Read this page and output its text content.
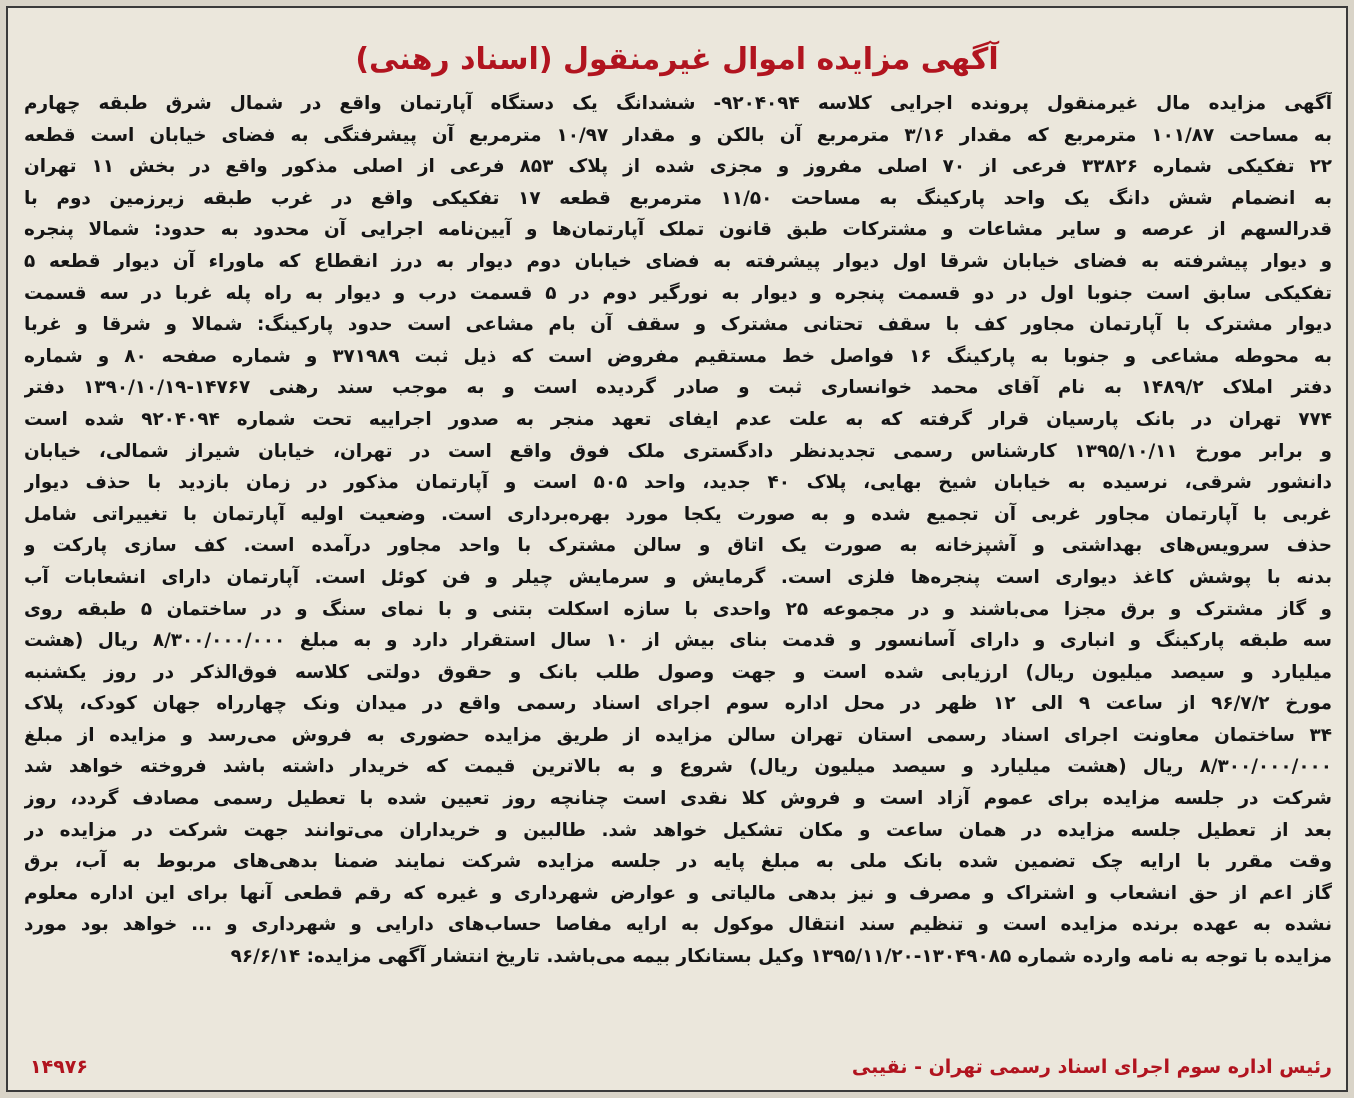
آگهی مزایده اموال غیرمنقول (اسناد رهنی)
آگهی مزایده مال غیرمنقول پرونده اجرایی کلاسه ۹۲۰۴۰۹۴- ششدانگ یک دستگاه آپارتمان واقع در شمال شرق طبقه چهارم
به مساحت ۱۰۱/۸۷ مترمربع که مقدار ۳/۱۶ مترمربع آن بالکن و مقدار ۱۰/۹۷ مترمربع آن پیشرفتگی به فضای خیابان است قطعه
۲۲ تفکیکی شماره ۳۳۸۲۶ فرعی از ۷۰ اصلی مفروز و مجزی شده از پلاک ۸۵۳ فرعی از اصلی مذکور واقع در بخش ۱۱ تهران
به انضمام شش دانگ یک واحد پارکینگ به مساحت ۱۱/۵۰ مترمربع قطعه ۱۷ تفکیکی واقع در غرب طبقه زیرزمین دوم با
قدرالسهم از عرصه و سایر مشاعات و مشترکات طبق قانون تملک آپارتمان‌ها و آیین‌نامه اجرایی آن محدود به حدود: شمالا پنجره
و دیوار پیشرفته به فضای خیابان شرقا اول دیوار پیشرفته به فضای خیابان دوم دیوار به درز انقطاع که ماوراء آن دیوار قطعه ۵
تفکیکی سابق است جنوبا اول در دو قسمت پنجره و دیوار به نورگیر دوم در ۵ قسمت درب و دیوار به راه پله غربا در سه قسمت
دیوار مشترک با آپارتمان مجاور کف با سقف تحتانی مشترک و سقف آن بام مشاعی است حدود پارکینگ: شمالا و شرقا و غربا
به محوطه مشاعی و جنوبا به پارکینگ ۱۶ فواصل خط مستقیم مفروض است که ذیل ثبت ۳۷۱۹۸۹ و شماره صفحه ۸۰ و شماره
دفتر املاک ۱۴۸۹/۲ به نام آقای محمد خوانساری ثبت و صادر گردیده است و به موجب سند رهنی ۱۴۷۶۷-۱۳۹۰/۱۰/۱۹ دفتر
۷۷۴ تهران در بانک پارسیان قرار گرفته که به علت عدم ایفای تعهد منجر به صدور اجراییه تحت شماره ۹۲۰۴۰۹۴ شده است
و برابر مورخ ۱۳۹۵/۱۰/۱۱ کارشناس رسمی تجدیدنظر دادگستری ملک فوق واقع است در تهران، خیابان شیراز شمالی، خیابان
دانشور شرقی، نرسیده به خیابان شیخ بهایی، پلاک ۴۰ جدید، واحد ۵۰۵ است و آپارتمان مذکور در زمان بازدید با حذف دیوار
غربی با آپارتمان مجاور غربی آن تجمیع شده و به صورت یکجا مورد بهره‌برداری است. وضعیت اولیه آپارتمان با تغییراتی شامل
حذف سرویس‌های بهداشتی و آشپزخانه به صورت یک اتاق و سالن مشترک با واحد مجاور درآمده است. کف سازی پارکت و
بدنه با پوشش کاغذ دیواری است پنجره‌ها فلزی است. گرمایش و سرمایش چیلر و فن کوئل است. آپارتمان دارای انشعابات آب
و گاز مشترک و برق مجزا می‌باشند و در مجموعه ۲۵ واحدی با سازه اسکلت بتنی و با نمای سنگ و در ساختمان ۵ طبقه روی
سه طبقه پارکینگ و انباری و دارای آسانسور و قدمت بنای بیش از ۱۰ سال استقرار دارد و به مبلغ ۸/۳۰۰/۰۰۰/۰۰۰ ریال (هشت
میلیارد و سیصد میلیون ریال) ارزیابی شده است و جهت وصول طلب بانک و حقوق دولتی کلاسه فوق‌الذکر در روز یکشنبه
مورخ ۹۶/۷/۲ از ساعت ۹ الی ۱۲ ظهر در محل اداره سوم اجرای اسناد رسمی واقع در میدان ونک چهارراه جهان کودک، پلاک
۳۴ ساختمان معاونت اجرای اسناد رسمی استان تهران سالن مزایده از طریق مزایده حضوری به فروش می‌رسد و مزایده از مبلغ
۸/۳۰۰/۰۰۰/۰۰۰ ریال (هشت میلیارد و سیصد میلیون ریال) شروع و به بالاترین قیمت که خریدار داشته باشد فروخته خواهد شد
شرکت در جلسه مزایده برای عموم آزاد است و فروش کلا نقدی است چنانچه روز تعیین شده با تعطیل رسمی مصادف گردد، روز
بعد از تعطیل جلسه مزایده در همان ساعت و مکان تشکیل خواهد شد. طالبین و خریداران می‌توانند جهت شرکت در مزایده در
وقت مقرر با ارایه چک تضمین شده بانک ملی به مبلغ پایه در جلسه مزایده شرکت نمایند ضمنا بدهی‌های مربوط به آب، برق
گاز اعم از حق انشعاب و اشتراک و مصرف و نیز بدهی مالیاتی و عوارض شهرداری و غیره که رقم قطعی آنها برای این اداره معلوم
نشده به عهده برنده مزایده است و تنظیم سند انتقال موکول به ارایه مفاصا حساب‌های دارایی و شهرداری و ... خواهد بود مورد
مزایده با توجه به نامه وارده شماره ۱۳۰۴۹۰۸۵-۱۳۹۵/۱۱/۲۰ وکیل بستانکار بیمه می‌باشد. تاریخ انتشار آگهی مزایده: ۹۶/۶/۱۴
رئیس اداره سوم اجرای اسناد رسمی تهران - نقیبی
۱۴۹۷۶
